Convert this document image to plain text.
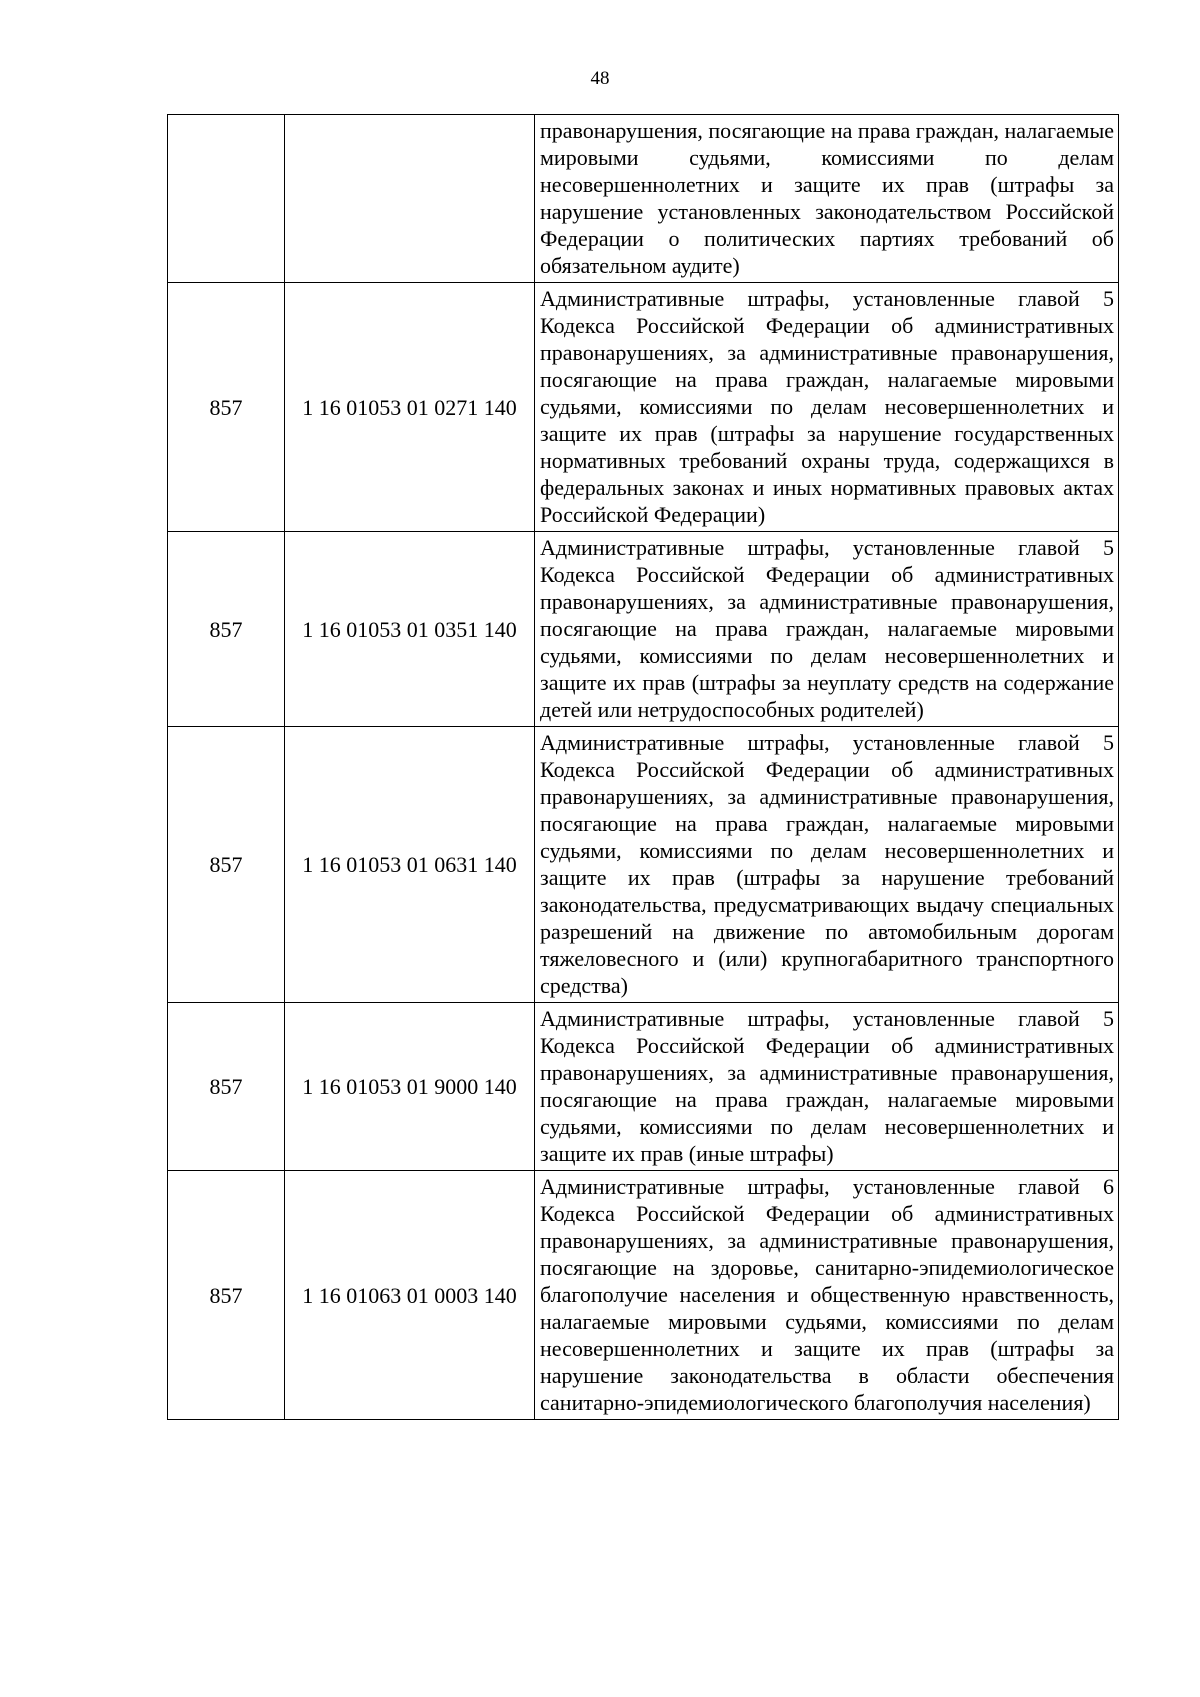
48
		правонарушения, посягающие на права граждан, налагаемые мировыми судьями, комиссиями по делам несовершеннолетних и защите их прав (штрафы за нарушение установленных законодательством Российской Федерации о политических партиях требований об обязательном аудите)
857	1 16 01053 01 0271 140	Административные штрафы, установленные главой 5 Кодекса Российской Федерации об административных правонарушениях, за административные правонарушения, посягающие на права граждан, налагаемые мировыми судьями, комиссиями по делам несовершеннолетних и защите их прав (штрафы за нарушение государственных нормативных требований охраны труда, содержащихся в федеральных законах и иных нормативных правовых актах Российской Федерации)
857	1 16 01053 01 0351 140	Административные штрафы, установленные главой 5 Кодекса Российской Федерации об административных правонарушениях, за административные правонарушения, посягающие на права граждан, налагаемые мировыми судьями, комиссиями по делам несовершеннолетних и защите их прав (штрафы за неуплату средств на содержание детей или нетрудоспособных родителей)
857	1 16 01053 01 0631 140	Административные штрафы, установленные главой 5 Кодекса Российской Федерации об административных правонарушениях, за административные правонарушения, посягающие на права граждан, налагаемые мировыми судьями, комиссиями по делам несовершеннолетних и защите их прав (штрафы за нарушение требований законодательства, предусматривающих выдачу специальных разрешений на движение по автомобильным дорогам тяжеловесного и (или) крупногабаритного транспортного средства)
857	1 16 01053 01 9000 140	Административные штрафы, установленные главой 5 Кодекса Российской Федерации об административных правонарушениях, за административные правонарушения, посягающие на права граждан, налагаемые мировыми судьями, комиссиями по делам несовершеннолетних и защите их прав (иные штрафы)
857	1 16 01063 01 0003 140	Административные штрафы, установленные главой 6 Кодекса Российской Федерации об административных правонарушениях, за административные правонарушения, посягающие на здоровье, санитарно-эпидемиологическое благополучие населения и общественную нравственность, налагаемые мировыми судьями, комиссиями по делам несовершеннолетних и защите их прав (штрафы за нарушение законодательства в области обеспечения санитарно-эпидемиологического благополучия населения)
